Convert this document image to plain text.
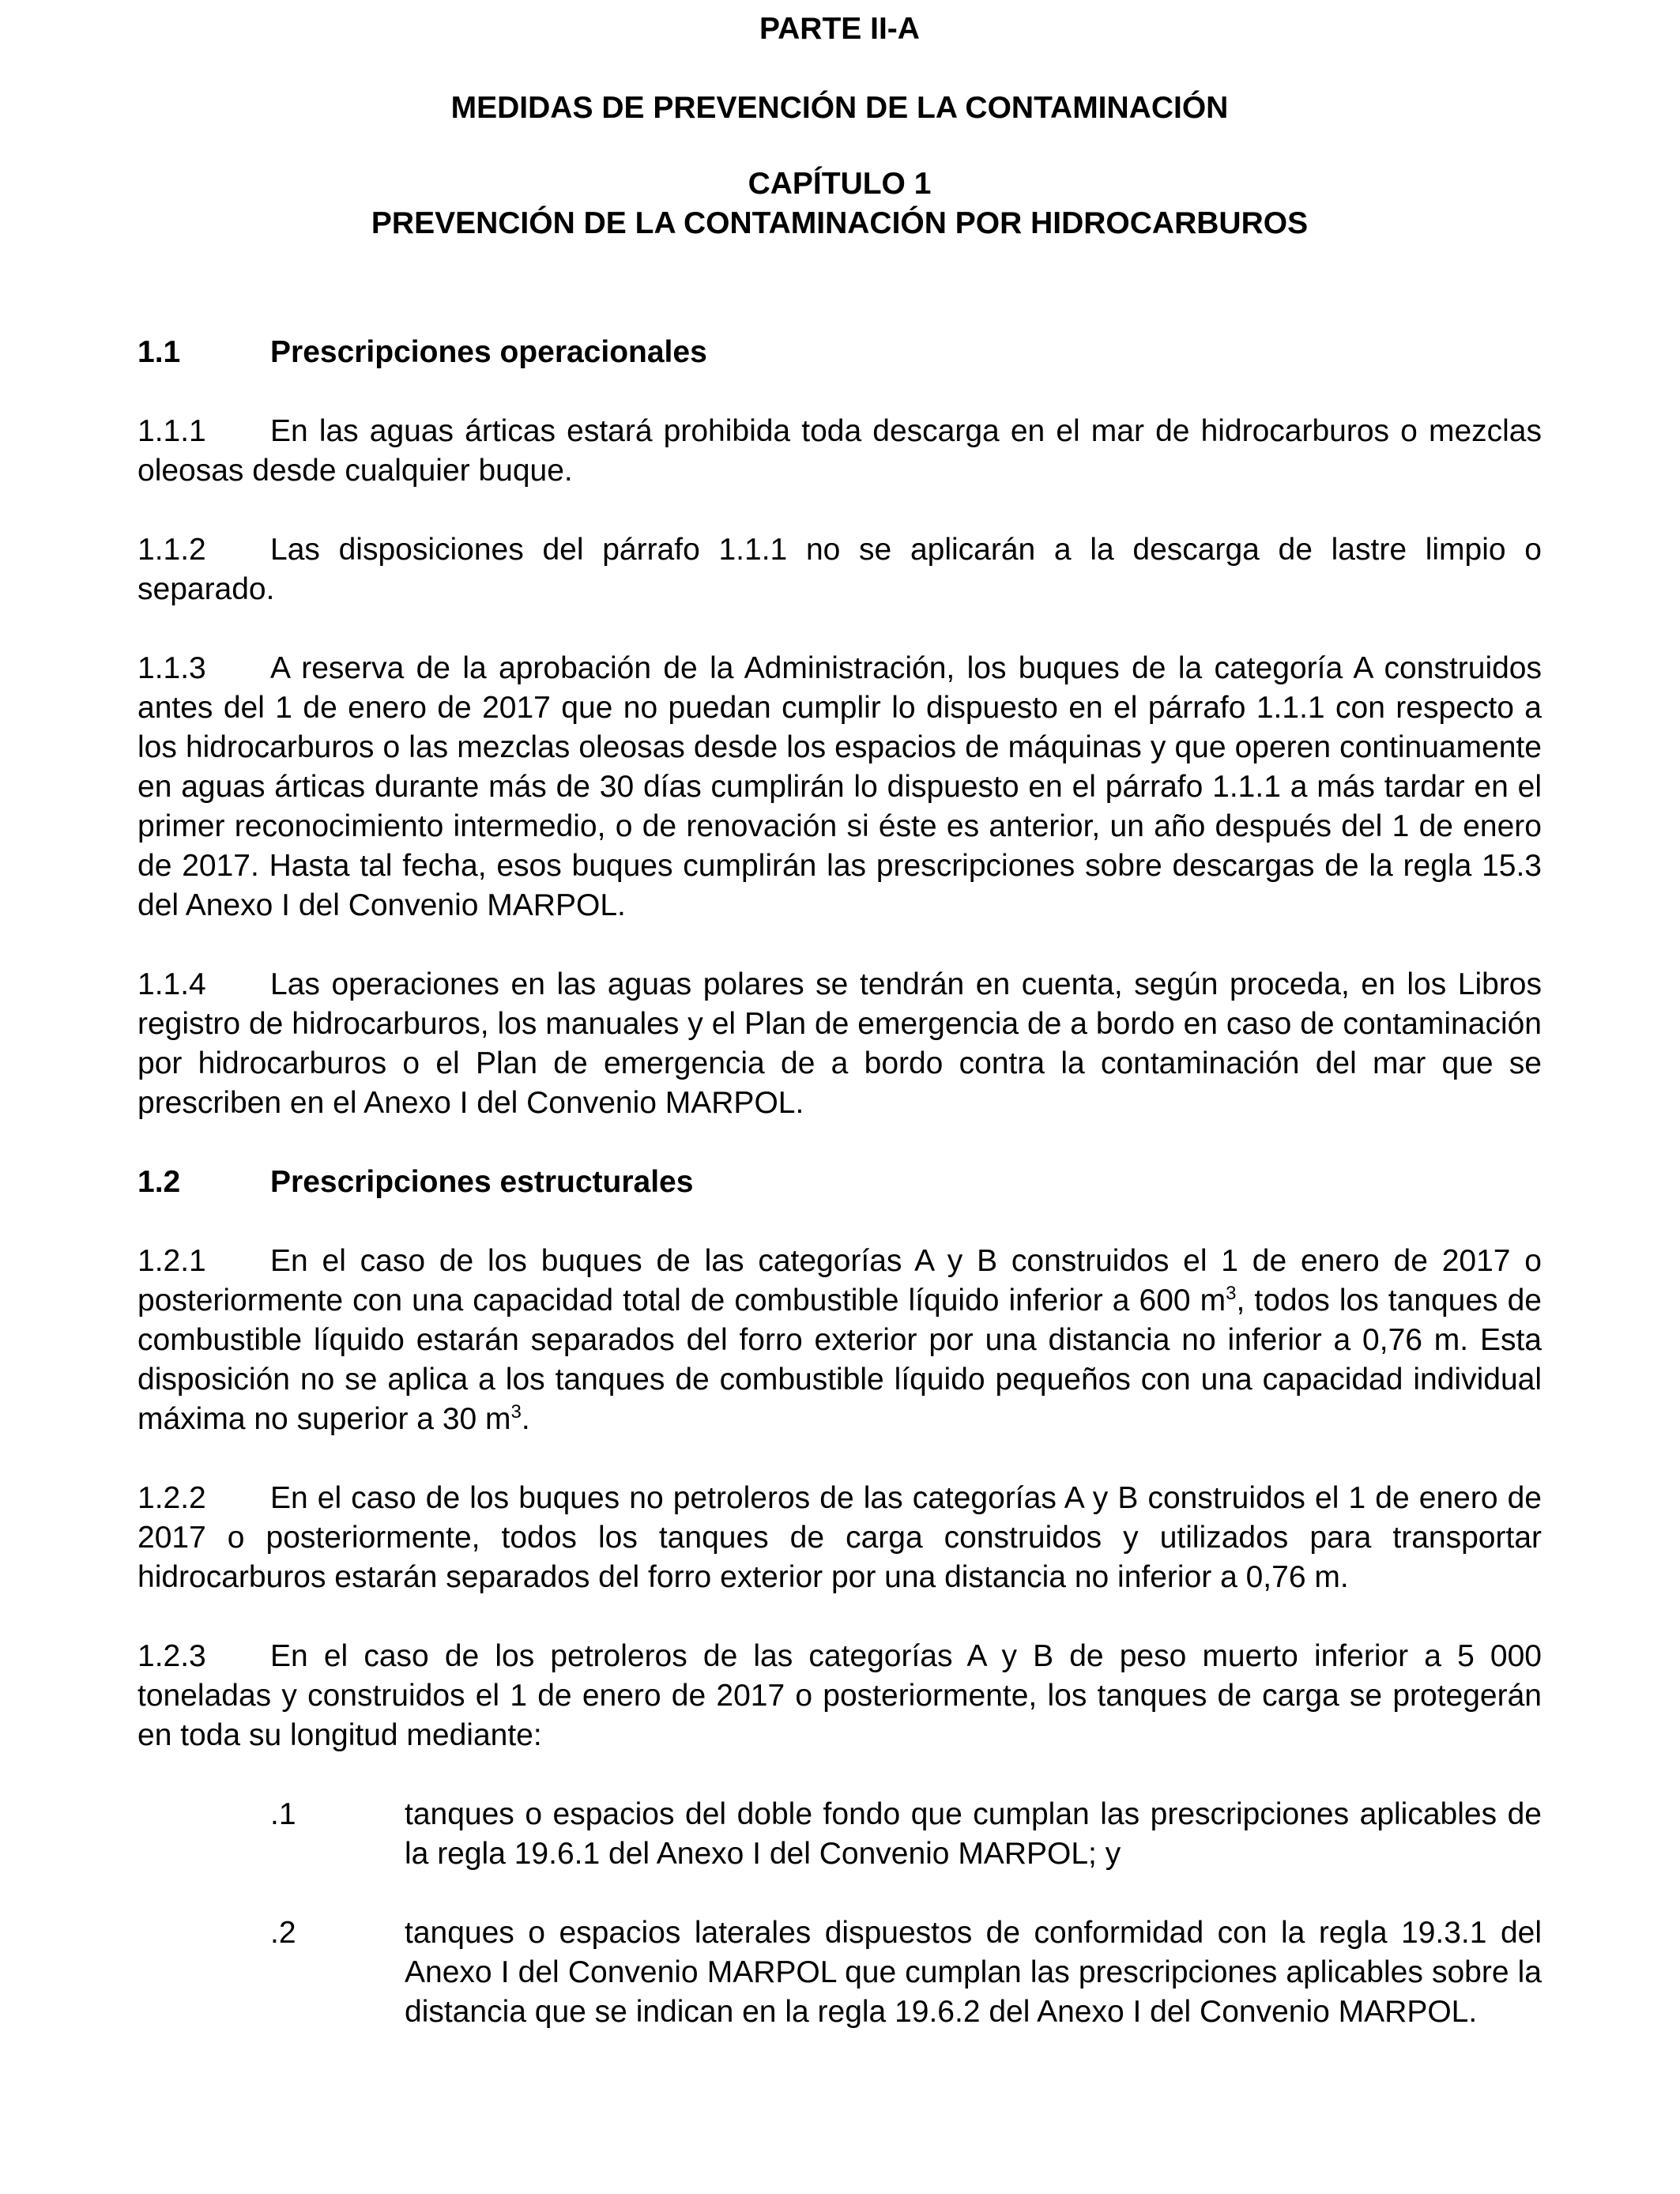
PARTE II-A

MEDIDAS DE PREVENCIÓN DE LA CONTAMINACIÓN

CAPÍTULO 1

PREVENCIÓN DE LA CONTAMINACIÓN POR HIDROCARBUROS

1.1	Prescripciones operacionales

1.1.1 En las aguas árticas estará prohibida toda descarga en el mar de hidrocarburos o mezclas oleosas desde cualquier buque.

1.1.2 Las disposiciones del párrafo 1.1.1 no se aplicarán a la descarga de lastre limpio o separado.

1.1.3 A reserva de la aprobación de la Administración, los buques de la categoría A construidos antes del 1 de enero de 2017 que no puedan cumplir lo dispuesto en el párrafo 1.1.1 con respecto a los hidrocarburos o las mezclas oleosas desde los espacios de máquinas y que operen continuamente en aguas árticas durante más de 30 días cumplirán lo dispuesto en el párrafo 1.1.1 a más tardar en el primer reconocimiento intermedio, o de renovación si éste es anterior, un año después del 1 de enero de 2017. Hasta tal fecha, esos buques cumplirán las prescripciones sobre descargas de la regla 15.3 del Anexo I del Convenio MARPOL.

1.1.4 Las operaciones en las aguas polares se tendrán en cuenta, según proceda, en los Libros registro de hidrocarburos, los manuales y el Plan de emergencia de a bordo en caso de contaminación por hidrocarburos o el Plan de emergencia de a bordo contra la contaminación del mar que se prescriben en el Anexo I del Convenio MARPOL.

1.2	Prescripciones estructurales

1.2.1 En el caso de los buques de las categorías A y B construidos el 1 de enero de 2017 o posteriormente con una capacidad total de combustible líquido inferior a 600 $m^3$, todos los tanques de combustible líquido estarán separados del forro exterior por una distancia no inferior a 0,76 m. Esta disposición no se aplica a los tanques de combustible líquido pequeños con una capacidad individual máxima no superior a 30 $m^3$.

1.2.2 En el caso de los buques no petroleros de las categorías A y B construidos el 1 de enero de 2017 o posteriormente, todos los tanques de carga construidos y utilizados para transportar hidrocarburos estarán separados del forro exterior por una distancia no inferior a 0,76 m.

1.2.3 En el caso de los petroleros de las categorías A y B de peso muerto inferior a 5 000 toneladas y construidos el 1 de enero de 2017 o posteriormente, los tanques de carga se protegerán en toda su longitud mediante:

.1	tanques o espacios del doble fondo que cumplan las prescripciones aplicables de la regla 19.6.1 del Anexo I del Convenio MARPOL; y
.2	tanques o espacios laterales dispuestos de conformidad con la regla 19.3.1 del Anexo I del Convenio MARPOL que cumplan las prescripciones aplicables sobre la distancia que se indican en la regla 19.6.2 del Anexo I del Convenio MARPOL.
